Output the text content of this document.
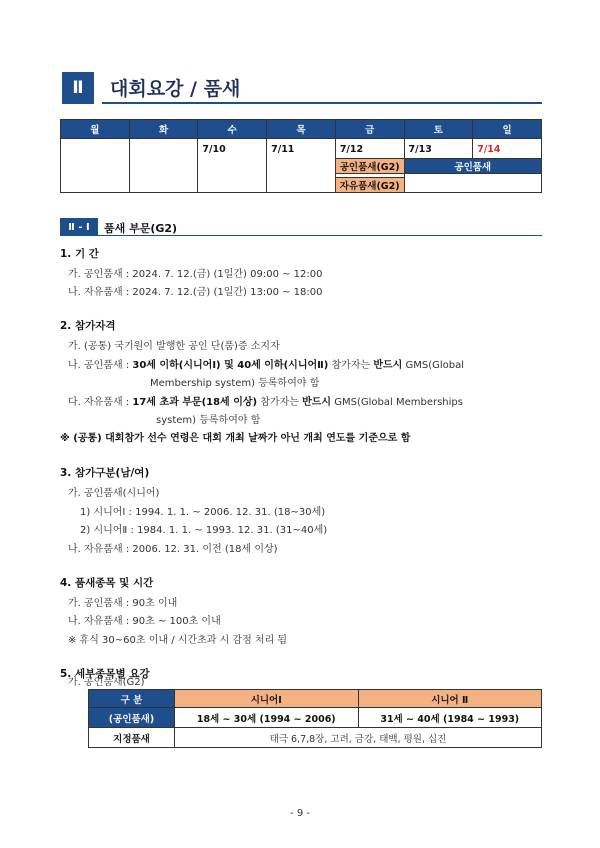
Ⅱ	대회요강 / 품새
월	화	수	목	금	토	일
		7/10	7/11	7/12	7/13	7/14
				공인품새(G2)	공인품새	

				자유품새(G2)		
Ⅱ - Ⅰ	품새 부문(G2)
1. 기 간
가. 공인품새 : 2024. 7. 12.(금) (1일간) 09:00 ~ 12:00
나. 자유품새 : 2024. 7. 12.(금) (1일간) 13:00 ~ 18:00
2. 참가자격
가. (공통) 국기원이 발행한 공인 단(품)증 소지자
나. 공인품새 : 30세 이하(시니어Ⅰ) 및 40세 이하(시니어Ⅱ) 참가자는 반드시 GMS(Global
Membership system) 등록하여야 함
다. 자유품새 : 17세 초과 부문(18세 이상) 참가자는 반드시 GMS(Global Memberships
system) 등록하여야 함
※ (공통) 대회참가 선수 연령은 대회 개최 날짜가 아닌 개최 연도를 기준으로 함
3. 참가구분(남/여)
가. 공인품새(시니어)
1) 시니어Ⅰ : 1994. 1. 1. ~ 2006. 12. 31. (18~30세)
2) 시니어Ⅱ : 1984. 1. 1. ~ 1993. 12. 31. (31~40세)
나. 자유품새 : 2006. 12. 31. 이전 (18세 이상)
4. 품새종목 및 시간
가. 공인품새 : 90초 이내
나. 자유품새 : 90초 ~ 100초 이내
※ 휴식 30~60초 이내 / 시간초과 시 감점 처리 됨
5. 세부종목별 요강
가. 공인품새(G2)
구 분	시니어Ⅰ	시니어 Ⅱ
(공인품새)	18세 ~ 30세 (1994 ~ 2006)	31세 ~ 40세 (1984 ~ 1993)
지정품새	태극 6,7,8장, 고려, 금강, 태백, 평원, 십진	
- 9 -
